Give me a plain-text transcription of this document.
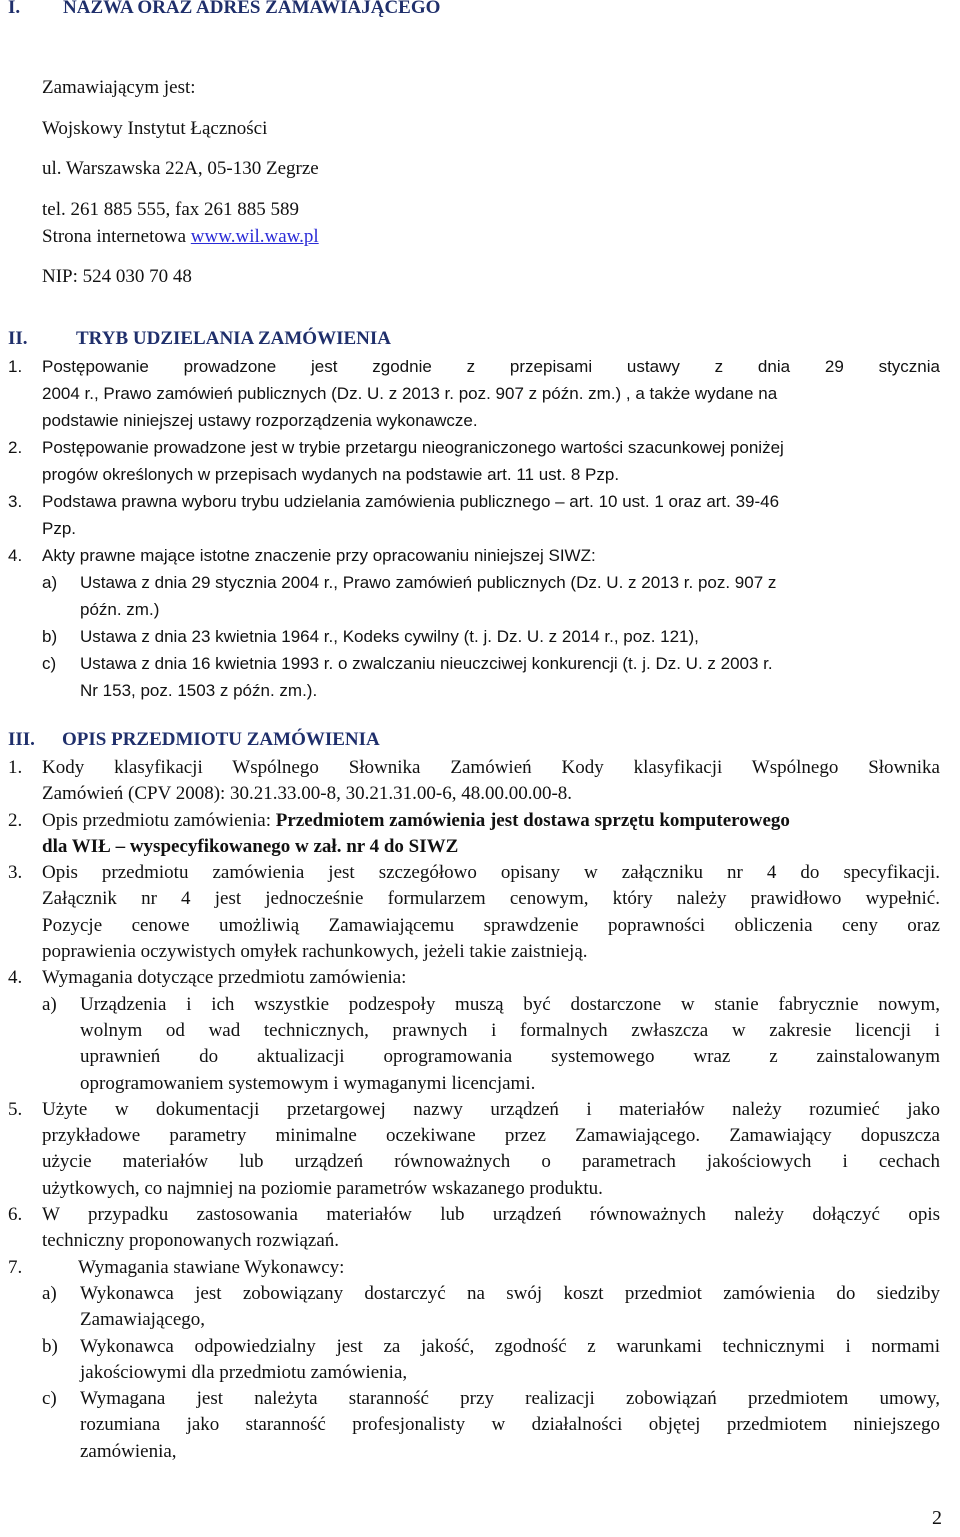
I.	NAZWA ORAZ ADRES ZAMAWIAJĄCEGO
Zamawiającym jest:
Wojskowy Instytut Łączności
ul. Warszawska 22A, 05-130 Zegrze
tel. 261 885 555, fax 261 885 589
Strona internetowa www.wil.waw.pl
NIP: 524 030 70 48
II.	TRYB UDZIELANIA ZAMÓWIENIA
1.	Postępowanie prowadzone jest zgodnie z przepisami ustawy z dnia 29 stycznia
2004 r., Prawo zamówień publicznych (Dz. U. z 2013 r. poz. 907 z późn. zm.) , a także wydane na
podstawie niniejszej ustawy rozporządzenia wykonawcze.
2.	Postępowanie prowadzone jest w trybie przetargu nieograniczonego wartości szacunkowej poniżej
progów określonych w przepisach wydanych na podstawie art. 11 ust. 8 Pzp.
3.	Podstawa prawna wyboru trybu udzielania zamówienia publicznego – art. 10 ust. 1 oraz art. 39-46
Pzp.
4.	Akty prawne mające istotne znaczenie przy opracowaniu niniejszej SIWZ:
a)	Ustawa z dnia 29 stycznia 2004 r., Prawo zamówień publicznych (Dz. U. z 2013 r. poz. 907 z
późn. zm.)
b)	Ustawa z dnia 23 kwietnia 1964 r., Kodeks cywilny (t. j. Dz. U. z 2014 r., poz. 121),
c)	Ustawa z dnia 16 kwietnia 1993 r. o zwalczaniu nieuczciwej konkurencji (t. j. Dz. U. z 2003 r.
Nr 153, poz. 1503 z późn. zm.).
III.	OPIS PRZEDMIOTU ZAMÓWIENIA
1.	Kody klasyfikacji Wspólnego Słownika Zamówień Kody klasyfikacji Wspólnego Słownika
Zamówień (CPV 2008): 30.21.33.00-8, 30.21.31.00-6, 48.00.00.00-8.
2.	Opis przedmiotu zamówienia: Przedmiotem zamówienia jest dostawa sprzętu komputerowego
dla WIŁ – wyspecyfikowanego w zał. nr 4 do SIWZ
3.	Opis przedmiotu zamówienia jest szczegółowo opisany w załączniku nr 4 do specyfikacji.
Załącznik nr 4 jest jednocześnie formularzem cenowym, który należy prawidłowo wypełnić.
Pozycje cenowe umożliwią Zamawiającemu sprawdzenie poprawności obliczenia ceny oraz
poprawienia oczywistych omyłek rachunkowych, jeżeli takie zaistnieją.
4.	Wymagania dotyczące przedmiotu zamówienia:
a)	Urządzenia i ich wszystkie podzespoły muszą być dostarczone w stanie fabrycznie nowym,
wolnym od wad technicznych, prawnych i formalnych zwłaszcza w zakresie licencji i
uprawnień do aktualizacji oprogramowania systemowego wraz z zainstalowanym
oprogramowaniem systemowym i wymaganymi licencjami.
5.	Użyte w dokumentacji przetargowej nazwy urządzeń i materiałów należy rozumieć jako
przykładowe parametry minimalne oczekiwane przez Zamawiającego. Zamawiający dopuszcza
użycie materiałów lub urządzeń równoważnych o parametrach jakościowych i cechach
użytkowych, co najmniej na poziomie parametrów wskazanego produktu.
6.	W przypadku zastosowania materiałów lub urządzeń równoważnych należy dołączyć opis
techniczny proponowanych rozwiązań.
7.	Wymagania stawiane Wykonawcy:
a)	Wykonawca jest zobowiązany dostarczyć na swój koszt przedmiot zamówienia do siedziby
Zamawiającego,
b)	Wykonawca odpowiedzialny jest za jakość, zgodność z warunkami technicznymi i normami
jakościowymi dla przedmiotu zamówienia,
c)	Wymagana jest należyta staranność przy realizacji zobowiązań przedmiotem umowy,
rozumiana jako staranność profesjonalisty w działalności objętej przedmiotem niniejszego
zamówienia,
2
